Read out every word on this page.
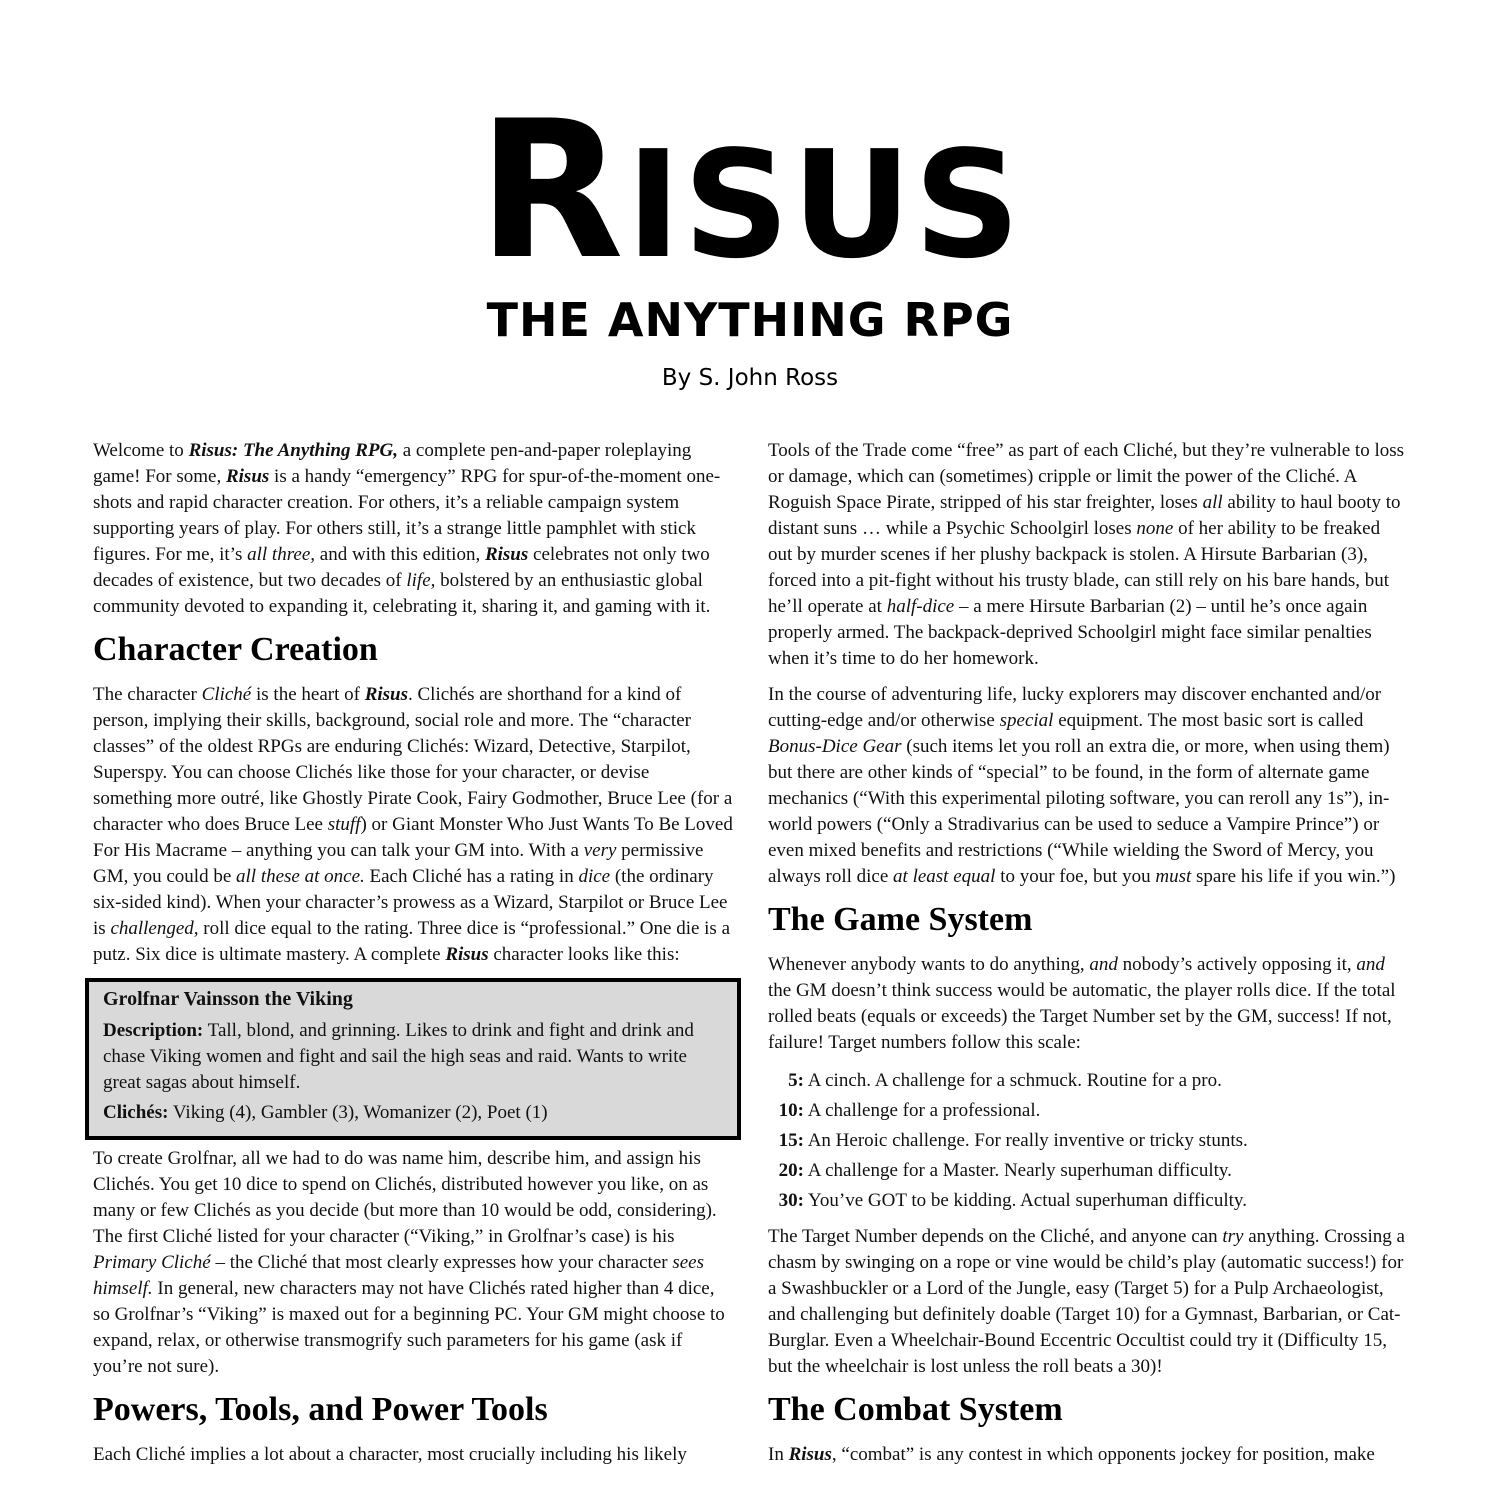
RISUS
THE ANYTHING RPG
By S. John Ross

Welcome to Risus: The Anything RPG, a complete pen-and-paper roleplaying game! For some, Risus is a handy “emergency” RPG for spur-of-the-moment one-shots and rapid character creation. For others, it’s a reliable campaign system supporting years of play. For others still, it’s a strange little pamphlet with stick figures. For me, it’s all three, and with this edition, Risus celebrates not only two decades of existence, but two decades of life, bolstered by an enthusiastic global community devoted to expanding it, celebrating it, sharing it, and gaming with it.

Character Creation

The character Cliché is the heart of Risus. Clichés are shorthand for a kind of person, implying their skills, background, social role and more. The “character classes” of the oldest RPGs are enduring Clichés: Wizard, Detective, Starpilot, Superspy. You can choose Clichés like those for your character, or devise something more outré, like Ghostly Pirate Cook, Fairy Godmother, Bruce Lee (for a character who does Bruce Lee stuff) or Giant Monster Who Just Wants To Be Loved For His Macrame – anything you can talk your GM into. With a very permissive GM, you could be all these at once. Each Cliché has a rating in dice (the ordinary six-sided kind). When your character’s prowess as a Wizard, Starpilot or Bruce Lee is challenged, roll dice equal to the rating. Three dice is “professional.” One die is a putz. Six dice is ultimate mastery. A complete Risus character looks like this:

Grolfnar Vainsson the Viking

Description: Tall, blond, and grinning. Likes to drink and fight and drink and chase Viking women and fight and sail the high seas and raid. Wants to write great sagas about himself.

Clichés: Viking (4), Gambler (3), Womanizer (2), Poet (1)

To create Grolfnar, all we had to do was name him, describe him, and assign his Clichés. You get 10 dice to spend on Clichés, distributed however you like, on as many or few Clichés as you decide (but more than 10 would be odd, considering). The first Cliché listed for your character (“Viking,” in Grolfnar’s case) is his Primary Cliché – the Cliché that most clearly expresses how your character sees himself. In general, new characters may not have Clichés rated higher than 4 dice, so Grolfnar’s “Viking” is maxed out for a beginning PC. Your GM might choose to expand, relax, or otherwise transmogrify such parameters for his game (ask if you’re not sure).

Powers, Tools, and Power Tools

Each Cliché implies a lot about a character, most crucially including his likely

Tools of the Trade come “free” as part of each Cliché, but they’re vulnerable to loss or damage, which can (sometimes) cripple or limit the power of the Cliché. A Roguish Space Pirate, stripped of his star freighter, loses all ability to haul booty to distant suns … while a Psychic Schoolgirl loses none of her ability to be freaked out by murder scenes if her plushy backpack is stolen. A Hirsute Barbarian (3), forced into a pit-fight without his trusty blade, can still rely on his bare hands, but he’ll operate at half-dice – a mere Hirsute Barbarian (2) – until he’s once again properly armed. The backpack-deprived Schoolgirl might face similar penalties when it’s time to do her homework.

In the course of adventuring life, lucky explorers may discover enchanted and/or cutting-edge and/or otherwise special equipment. The most basic sort is called Bonus-Dice Gear (such items let you roll an extra die, or more, when using them) but there are other kinds of “special” to be found, in the form of alternate game mechanics (“With this experimental piloting software, you can reroll any 1s”), in-world powers (“Only a Stradivarius can be used to seduce a Vampire Prince”) or even mixed benefits and restrictions (“While wielding the Sword of Mercy, you always roll dice at least equal to your foe, but you must spare his life if you win.”)

The Game System

Whenever anybody wants to do anything, and nobody’s actively opposing it, and the GM doesn’t think success would be automatic, the player rolls dice. If the total rolled beats (equals or exceeds) the Target Number set by the GM, success! If not, failure! Target numbers follow this scale:

5: A cinch. A challenge for a schmuck. Routine for a pro.
10: A challenge for a professional.
15: An Heroic challenge. For really inventive or tricky stunts.
20: A challenge for a Master. Nearly superhuman difficulty.
30: You’ve GOT to be kidding. Actual superhuman difficulty.

The Target Number depends on the Cliché, and anyone can try anything. Crossing a chasm by swinging on a rope or vine would be child’s play (automatic success!) for a Swashbuckler or a Lord of the Jungle, easy (Target 5) for a Pulp Archaeologist, and challenging but definitely doable (Target 10) for a Gymnast, Barbarian, or Cat-Burglar. Even a Wheelchair-Bound Eccentric Occultist could try it (Difficulty 15, but the wheelchair is lost unless the roll beats a 30)!

The Combat System

In Risus, “combat” is any contest in which opponents jockey for position, make
